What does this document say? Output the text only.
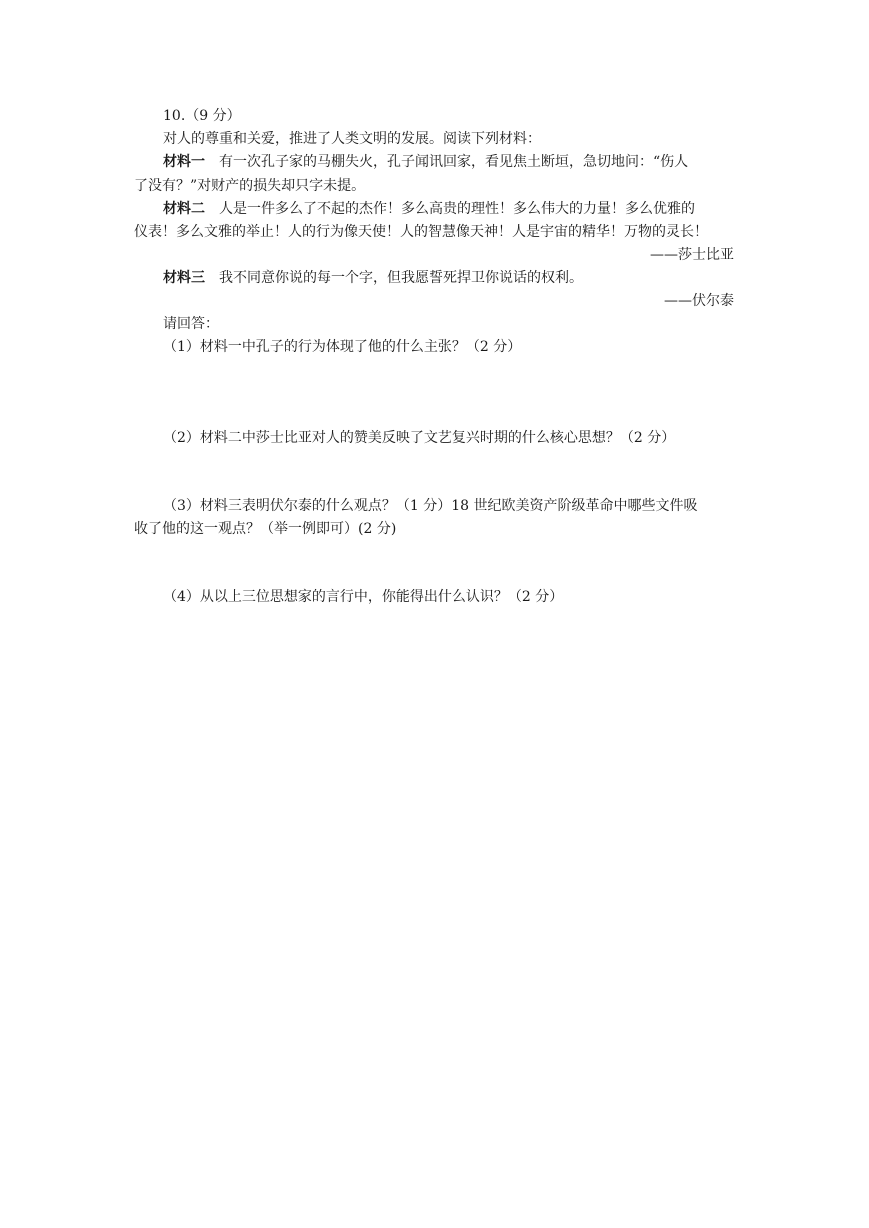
10.（9 分）
对人的尊重和关爱，推进了人类文明的发展。阅读下列材料：
材料一 有一次孔子家的马棚失火，孔子闻讯回家，看见焦土断垣，急切地问：“伤人
了没有？”对财产的损失却只字未提。
材料二 人是一件多么了不起的杰作！多么高贵的理性！多么伟大的力量！多么优雅的
仪表！多么文雅的举止！人的行为像天使！人的智慧像天神！人是宇宙的精华！万物的灵长！
——莎士比亚
材料三 我不同意你说的每一个字，但我愿誓死捍卫你说话的权利。
——伏尔泰
请回答：
（1）材料一中孔子的行为体现了他的什么主张？（2 分）
（2）材料二中莎士比亚对人的赞美反映了文艺复兴时期的什么核心思想？（2 分）
（3）材料三表明伏尔泰的什么观点？（1 分）18 世纪欧美资产阶级革命中哪些文件吸
收了他的这一观点？（举一例即可）(2 分)
（4）从以上三位思想家的言行中，你能得出什么认识？（2 分）
